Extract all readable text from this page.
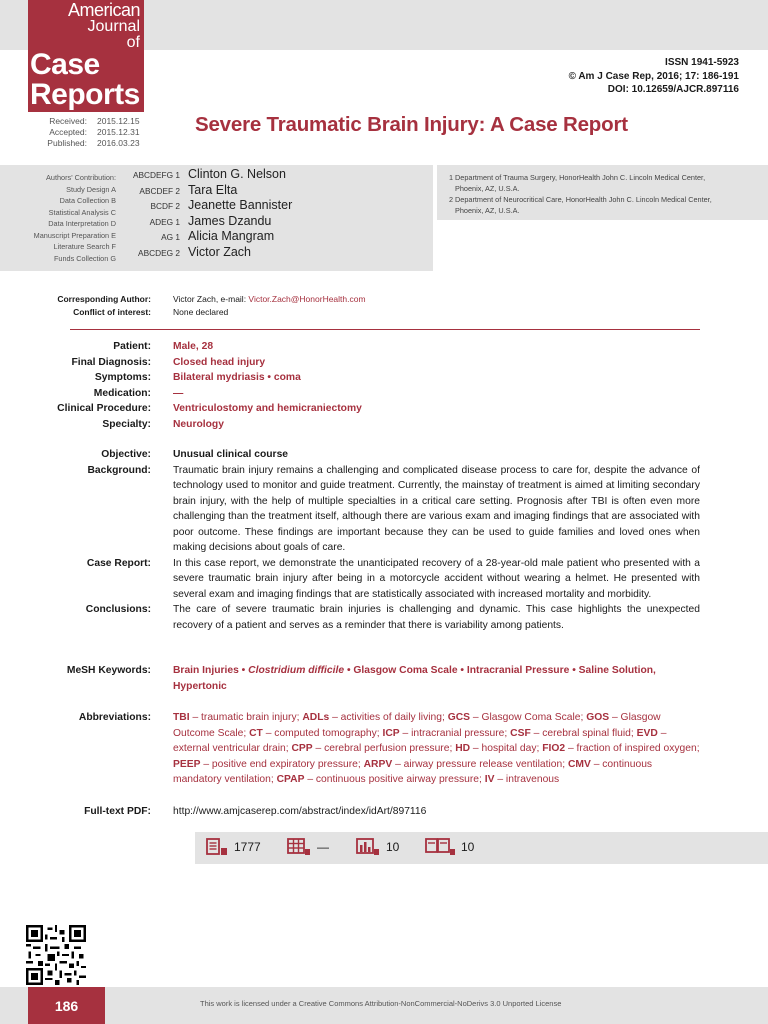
American
Journal
of
Case
Reports
ISSN 1941-5923
© Am J Case Rep, 2016; 17: 186-191
DOI: 10.12659/AJCR.897116
Received:	2015.12.15
Accepted:	2015.12.31
Published:	2016.03.23
Severe Traumatic Brain Injury: A Case Report
Authors' Contribution:
Study Design A
Data Collection B
Statistical Analysis C
Data Interpretation D
Manuscript Preparation E
Literature Search F
Funds Collection G
ABCDEFG 1 Clinton G. Nelson
ABCDEF 2 Tara Elta
BCDF 2 Jeanette Bannister
ADEG 1 James Dzandu
AG 1 Alicia Mangram
ABCDEG 2 Victor Zach
1 Department of Trauma Surgery, HonorHealth John C. Lincoln Medical Center,
Phoenix, AZ, U.S.A.
2 Department of Neurocritical Care, HonorHealth John C. Lincoln Medical Center,
Phoenix, AZ, U.S.A.
Corresponding Author:	Victor Zach, e-mail: Victor.Zach@HonorHealth.com
Conflict of interest:	None declared
Patient:	Male, 28
Final Diagnosis:	Closed head injury
Symptoms:	Bilateral mydriasis • coma
Medication:	—
Clinical Procedure:	Ventriculostomy and hemicraniectomy
Specialty:	Neurology
Objective:	Unusual clinical course
Background:	Traumatic brain injury remains a challenging and complicated disease process to care for, despite the advance of technology used to monitor and guide treatment. Currently, the mainstay of treatment is aimed at limiting secondary brain injury, with the help of multiple specialties in a critical care setting. Prognosis after TBI is often even more challenging than the treatment itself, although there are various exam and imaging findings that are associated with poor outcome. These findings are important because they can be used to guide families and loved ones when making decisions about goals of care.
Case Report:	In this case report, we demonstrate the unanticipated recovery of a 28-year-old male patient who presented with a severe traumatic brain injury after being in a motorcycle accident without wearing a helmet. He presented with several exam and imaging findings that are statistically associated with increased mortality and morbidity.
Conclusions:	The care of severe traumatic brain injuries is challenging and dynamic. This case highlights the unexpected recovery of a patient and serves as a reminder that there is variability among patients.
MeSH Keywords:	Brain Injuries • Clostridium difficile • Glasgow Coma Scale • Intracranial Pressure • Saline Solution, Hypertonic
Abbreviations:	TBI – traumatic brain injury; ADLs – activities of daily living; GCS – Glasgow Coma Scale; GOS – Glasgow Outcome Scale; CT – computed tomography; ICP – intracranial pressure; CSF – cerebral spinal fluid; EVD – external ventricular drain; CPP – cerebral perfusion pressure; HD – hospital day; FIO2 – fraction of inspired oxygen; PEEP – positive end expiratory pressure; ARPV – airway pressure release ventilation; CMV – continuous mandatory ventilation; CPAP – continuous positive airway pressure; IV – intravenous
Full-text PDF:	http://www.amjcaserep.com/abstract/index/idArt/897116
1777	—	10	10
186	This work is licensed under a Creative Commons Attribution-NonCommercial-NoDerivs 3.0 Unported License
